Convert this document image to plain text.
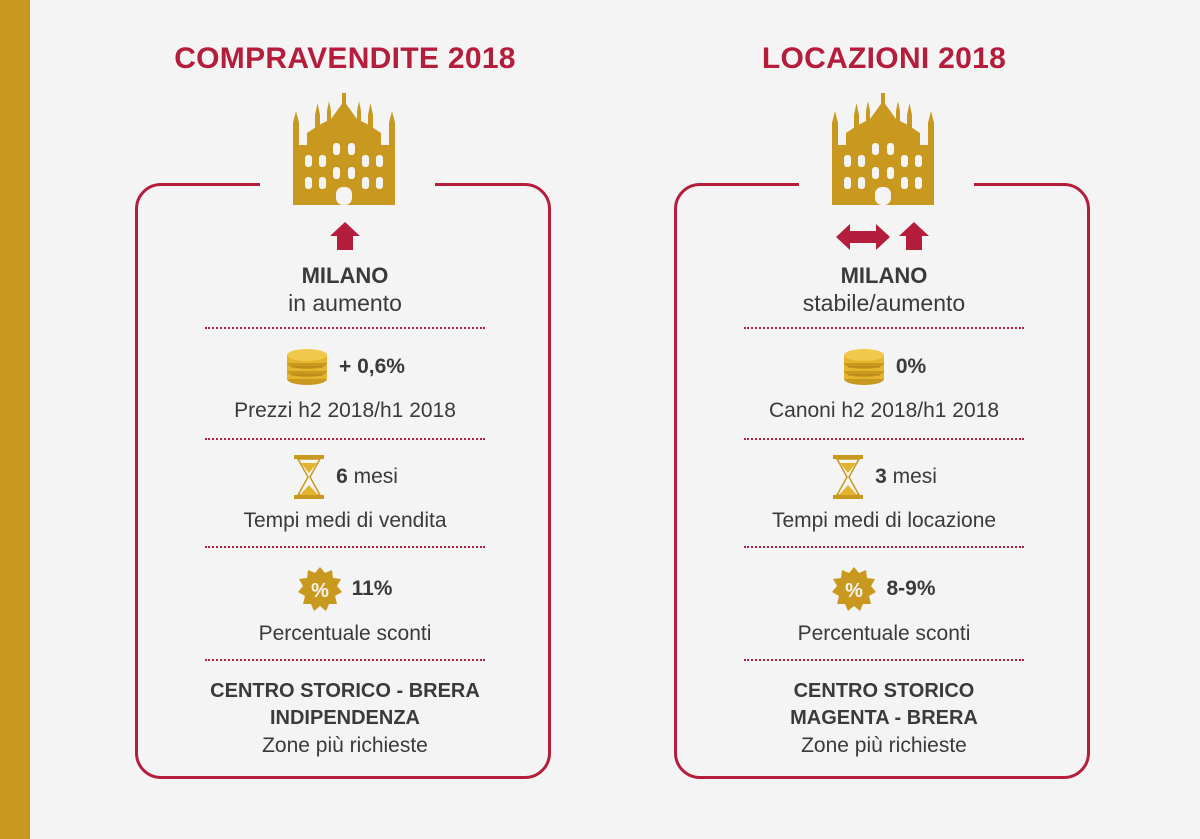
COMPRAVENDITE 2018
MILANO
in aumento
+ 0,6%
Prezzi h2 2018/h1 2018
6 mesi
Tempi medi di vendita
11%
Percentuale sconti
CENTRO STORICO - BRERA
INDIPENDENZA
Zone più richieste
LOCAZIONI 2018
MILANO
stabile/aumento
0%
Canoni h2 2018/h1 2018
3 mesi
Tempi medi di locazione
8-9%
Percentuale sconti
CENTRO STORICO
MAGENTA - BRERA
Zone più richieste
